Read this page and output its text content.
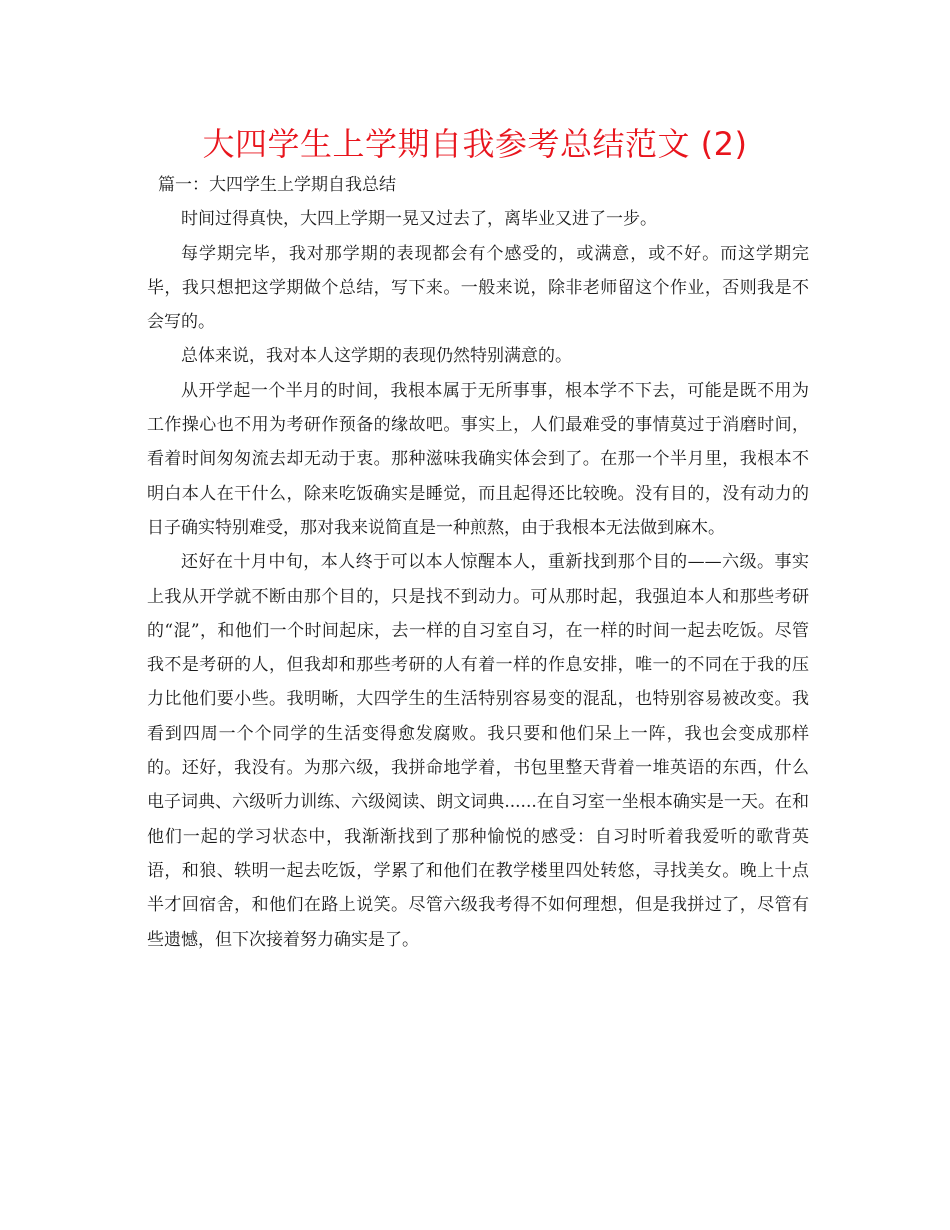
大四学生上学期自我参考总结范文 (2)

篇一：大四学生上学期自我总结

时间过得真快，大四上学期一晃又过去了，离毕业又进了一步。

每学期完毕，我对那学期的表现都会有个感受的，或满意，或不好。而这学期完毕，我只想把这学期做个总结，写下来。一般来说，除非老师留这个作业，否则我是不会写的。

总体来说，我对本人这学期的表现仍然特别满意的。

从开学起一个半月的时间，我根本属于无所事事，根本学不下去，可能是既不用为工作操心也不用为考研作预备的缘故吧。事实上，人们最难受的事情莫过于消磨时间，看着时间匆匆流去却无动于衷。那种滋味我确实体会到了。在那一个半月里，我根本不明白本人在干什么，除来吃饭确实是睡觉，而且起得还比较晚。没有目的，没有动力的日子确实特别难受，那对我来说简直是一种煎熬，由于我根本无法做到麻木。

还好在十月中旬，本人终于可以本人惊醒本人，重新找到那个目的——六级。事实上我从开学就不断由那个目的，只是找不到动力。可从那时起，我强迫本人和那些考研的“混”，和他们一个时间起床，去一样的自习室自习，在一样的时间一起去吃饭。尽管我不是考研的人，但我却和那些考研的人有着一样的作息安排，唯一的不同在于我的压力比他们要小些。我明晰，大四学生的生活特别容易变的混乱，也特别容易被改变。我看到四周一个个同学的生活变得愈发腐败。我只要和他们呆上一阵，我也会变成那样的。还好，我没有。为那六级，我拼命地学着，书包里整天背着一堆英语的东西，什么电子词典、六级听力训练、六级阅读、朗文词典......在自习室一坐根本确实是一天。在和他们一起的学习状态中，我渐渐找到了那种愉悦的感受：自习时听着我爱听的歌背英语，和狼、轶明一起去吃饭，学累了和他们在教学楼里四处转悠，寻找美女。晚上十点半才回宿舍，和他们在路上说笑。尽管六级我考得不如何理想，但是我拼过了，尽管有些遗憾，但下次接着努力确实是了。
